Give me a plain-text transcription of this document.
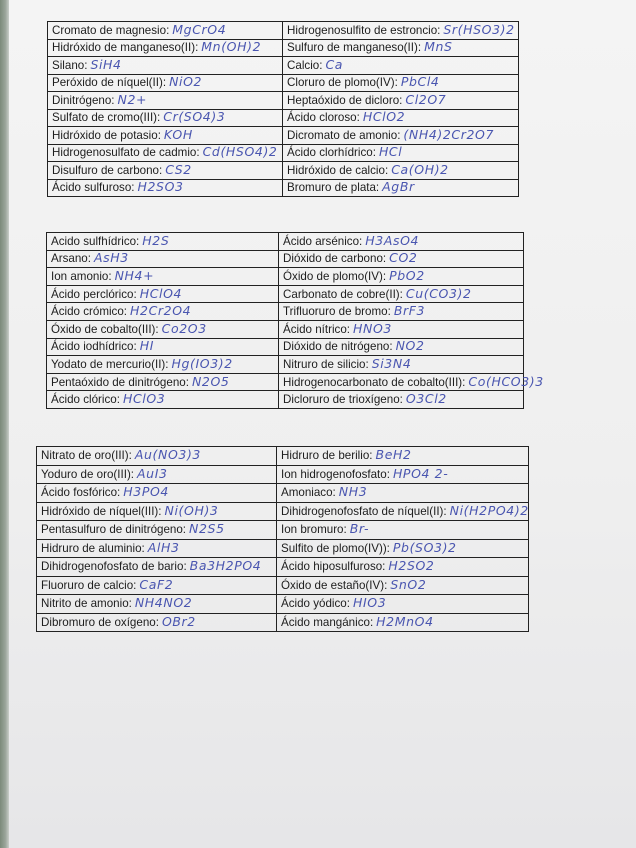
Cromato de magnesio: MgCrO4	Hidrogenosulfito de estroncio: Sr(HSO3)2
Hidróxido de manganeso(II): Mn(OH)2	Sulfuro de manganeso(II): MnS
Silano: SiH4	Calcio: Ca
Peróxido de níquel(II): NiO2	Cloruro de plomo(IV): PbCl4
Dinitrógeno: N2+	Heptaóxido de dicloro: Cl2O7
Sulfato de cromo(III): Cr(SO4)3	Ácido cloroso: HClO2
Hidróxido de potasio: KOH	Dicromato de amonio: (NH4)2Cr2O7
Hidrogenosulfato de cadmio: Cd(HSO4)2	Ácido clorhídrico: HCl
Disulfuro de carbono: CS2	Hidróxido de calcio: Ca(OH)2
Ácido sulfuroso: H2SO3	Bromuro de plata: AgBr
Acido sulfhídrico: H2S	Ácido arsénico: H3AsO4
Arsano: AsH3	Dióxido de carbono: CO2
Ion amonio: NH4+	Óxido de plomo(IV): PbO2
Ácido perclórico: HClO4	Carbonato de cobre(II): Cu(CO3)2
Ácido crómico: H2Cr2O4	Trifluoruro de bromo: BrF3
Óxido de cobalto(III): Co2O3	Ácido nítrico: HNO3
Ácido iodhídrico: HI	Dióxido de nitrógeno: NO2
Yodato de mercurio(II): Hg(IO3)2	Nitruro de silicio: Si3N4
Pentaóxido de dinitrógeno: N2O5	Hidrogenocarbonato de cobalto(III): Co(HCO3)3
Ácido clórico: HClO3	Dicloruro de trioxígeno: O3Cl2
Nitrato de oro(III): Au(NO3)3	Hidruro de berilio: BeH2
Yoduro de oro(III): AuI3	Ion hidrogenofosfato: HPO4 2-
Ácido fosfórico: H3PO4	Amoniaco: NH3
Hidróxido de níquel(III): Ni(OH)3	Dihidrogenofosfato de níquel(II): Ni(H2PO4)2
Pentasulfuro de dinitrógeno: N2S5	Ion bromuro: Br-
Hidruro de aluminio: AlH3	Sulfito de plomo(IV)): Pb(SO3)2
Dihidrogenofosfato de bario: Ba3H2PO4	Ácido hiposulfuroso: H2SO2
Fluoruro de calcio: CaF2	Óxido de estaño(IV): SnO2
Nitrito de amonio: NH4NO2	Ácido yódico: HIO3
Dibromuro de oxígeno: OBr2	Ácido mangánico: H2MnO4
